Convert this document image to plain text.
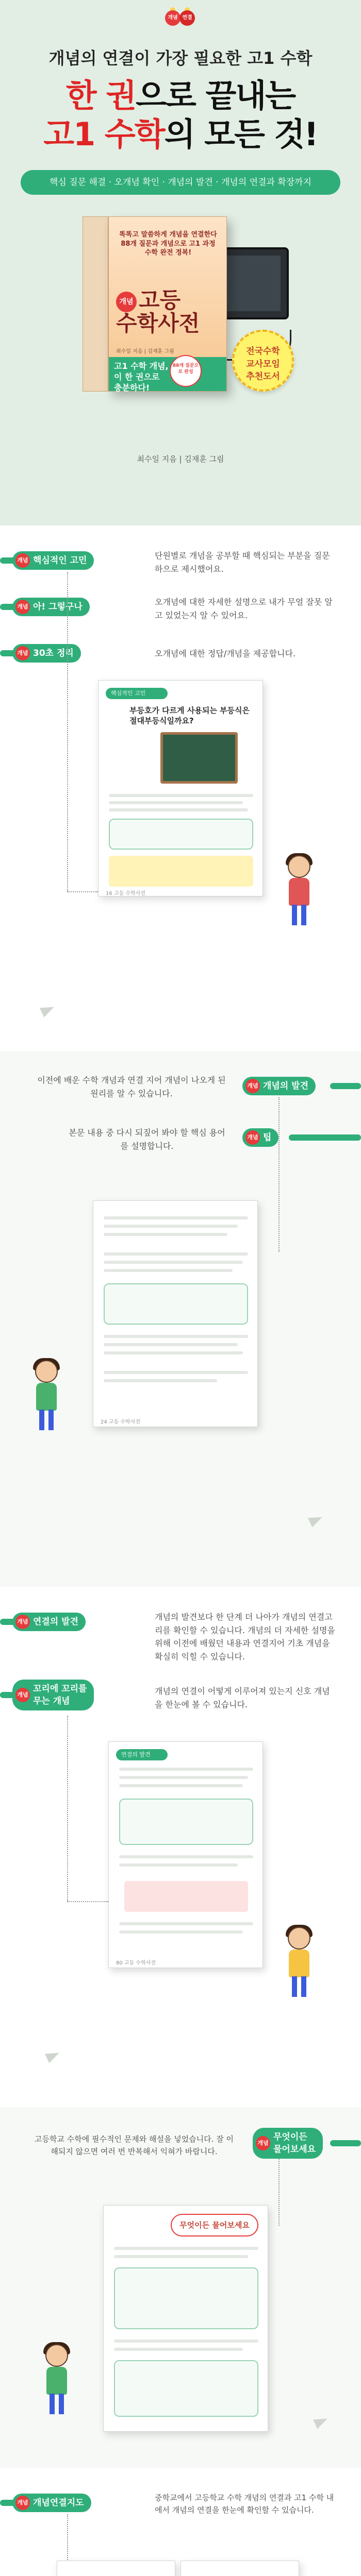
개념 연결
개념의 연결이 가장 필요한 고1 수학
한 권으로 끝내는
고1 수학의 모든 것!
핵심 질문 해결 · 오개념 확인 · 개념의 발견 · 개념의 연결과 확장까지
똑똑고 말씀하게 개념을 연결한다 88개 질문과 개념으로 고1 과정 수학 완전 정복!
개념 고등
수학사전
최수일 지음 | 김재훈 그림
고1 수학 개념,
이 한 권으로
충분하다!
88개 질문으로 완성
전국수학
교사모임
추천도서
최수일 지음 | 김재훈 그림
개념 핵심적인 고민	단원별로 개념을 공부할 때 핵심되는 부분을 질문하으로 제시했어요.
개념 아! 그렇구나	오개념에 대한 자세한 설명으로 내가 무얼 잘못 알고 있었는지 알 수 있어요.
개념 30초 정리	오개념에 대한 정답/개념을 제공합니다.
핵심적인 고민
부등호가 다르게 사용되는 부등식은
절대부등식일까요?
16 고등 수학사전
이전에 배운 수학 개념과 연결 지어 개념이 나오게 된 원리를 알 수 있습니다.
개념 개념의 발견
본문 내용 중 다시 되짚어 봐야 할 핵심 용어를 설명합니다.
개념 팁
24 고등 수학사전
개념 연결의 발견	개념의 발견보다 한 단계 더 나아가 개념의 연결고리를 확인할 수 있습니다. 개념의 더 자세한 설명을 위해 이전에 배웠던 내용과 연결지어 기초 개념을 확실히 익힐 수 있습니다.
개념꼬리에 꼬리를
무는 개념
개념의 연결이 어떻게 이루어져 있는지 신호 개념을 한눈에 볼 수 있습니다.
연결의 발견
80 고등 수학사전
고등학교 수학에 필수적인 문제와 해설을 넣었습니다. 잘 이해되지 않으면 여러 번 반복해서 익혀가 바랍니다.
개념무엇이든
물어보세요
무엇이든 물어보세요
개념 개념연결지도	중학교에서 고등학교 수학 개념의 연결과 고1 수학 내에서 개념의 연결을 한눈에 확인할 수 있습니다.
